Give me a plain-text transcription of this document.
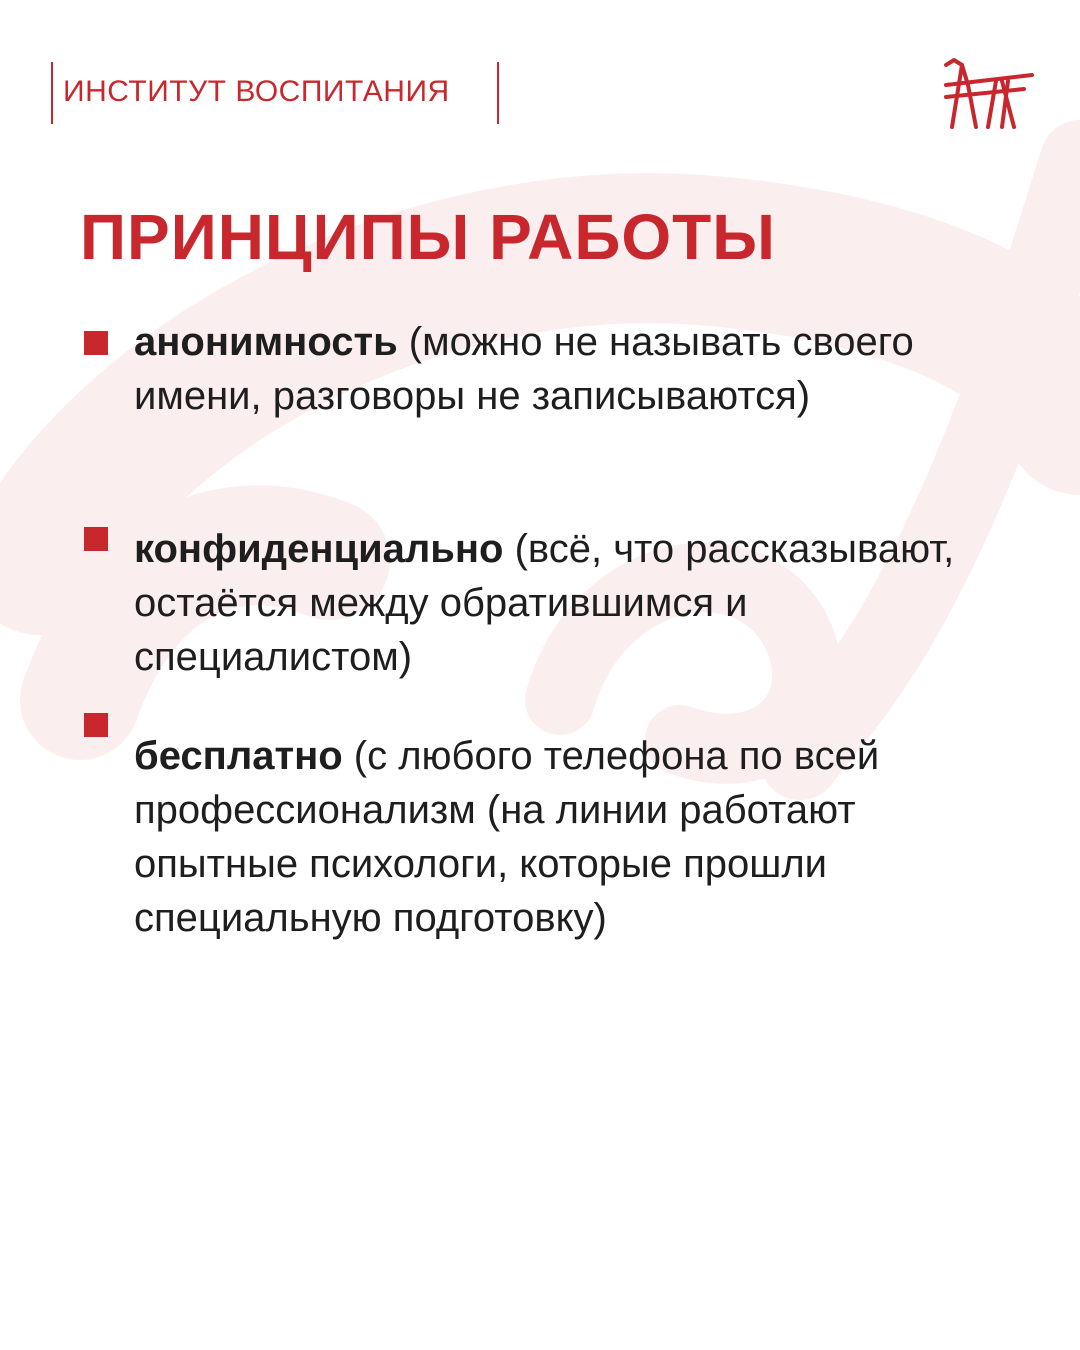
ИНСТИТУТ ВОСПИТАНИЯ
ПРИНЦИПЫ РАБОТЫ
анонимность (можно не называть своего имени, разговоры не записываются)
конфиденциально (всё, что рассказывают, остаётся между обратившимся и специалистом)
бесплатно (с любого телефона по всей профессионализм (на линии работают опытные психологи, которые прошли специальную подготовку)
